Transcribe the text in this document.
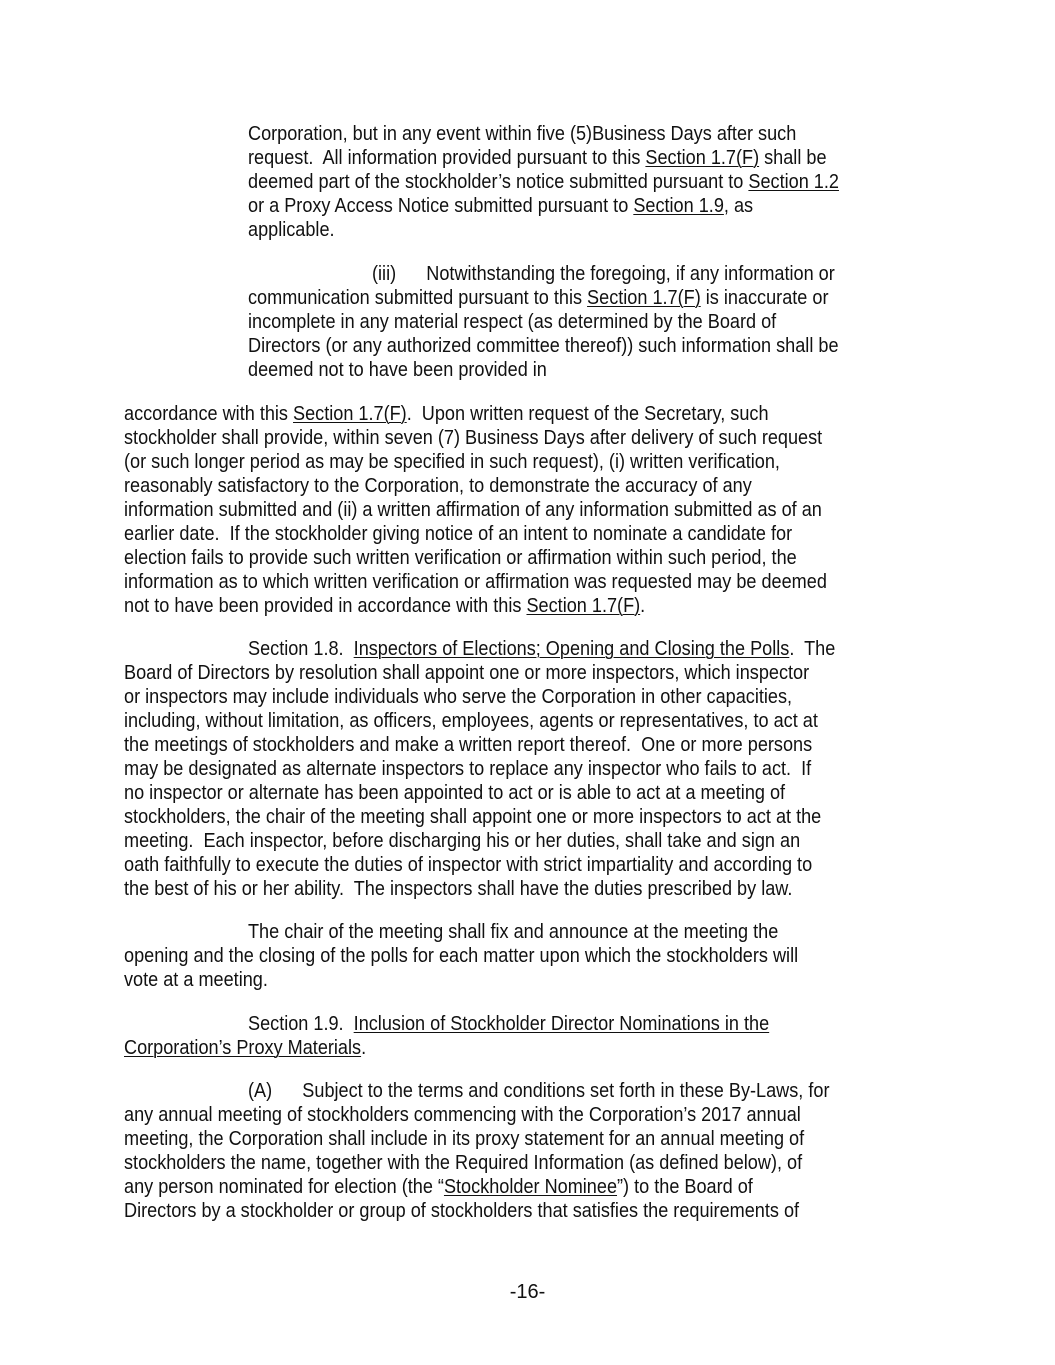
Corporation, but in any event within five (5)Business Days after such
request.  All information provided pursuant to this Section 1.7(F) shall be
deemed part of the stockholder’s notice submitted pursuant to Section 1.2
or a Proxy Access Notice submitted pursuant to Section 1.9, as
applicable.
(iii)      Notwithstanding the foregoing, if any information or
communication submitted pursuant to this Section 1.7(F) is inaccurate or
incomplete in any material respect (as determined by the Board of
Directors (or any authorized committee thereof)) such information shall be
deemed not to have been provided in
accordance with this Section 1.7(F).  Upon written request of the Secretary, such
stockholder shall provide, within seven (7) Business Days after delivery of such request
(or such longer period as may be specified in such request), (i) written verification,
reasonably satisfactory to the Corporation, to demonstrate the accuracy of any
information submitted and (ii) a written affirmation of any information submitted as of an
earlier date.  If the stockholder giving notice of an intent to nominate a candidate for
election fails to provide such written verification or affirmation within such period, the
information as to which written verification or affirmation was requested may be deemed
not to have been provided in accordance with this Section 1.7(F).
Section 1.8.  Inspectors of Elections; Opening and Closing the Polls.  The
Board of Directors by resolution shall appoint one or more inspectors, which inspector
or inspectors may include individuals who serve the Corporation in other capacities,
including, without limitation, as officers, employees, agents or representatives, to act at
the meetings of stockholders and make a written report thereof.  One or more persons
may be designated as alternate inspectors to replace any inspector who fails to act.  If
no inspector or alternate has been appointed to act or is able to act at a meeting of
stockholders, the chair of the meeting shall appoint one or more inspectors to act at the
meeting.  Each inspector, before discharging his or her duties, shall take and sign an
oath faithfully to execute the duties of inspector with strict impartiality and according to
the best of his or her ability.  The inspectors shall have the duties prescribed by law.
The chair of the meeting shall fix and announce at the meeting the
opening and the closing of the polls for each matter upon which the stockholders will
vote at a meeting.
Section 1.9.  Inclusion of Stockholder Director Nominations in the
Corporation’s Proxy Materials.
(A)      Subject to the terms and conditions set forth in these By-Laws, for
any annual meeting of stockholders commencing with the Corporation’s 2017 annual
meeting, the Corporation shall include in its proxy statement for an annual meeting of
stockholders the name, together with the Required Information (as defined below), of
any person nominated for election (the “Stockholder Nominee”) to the Board of
Directors by a stockholder or group of stockholders that satisfies the requirements of
-16-
